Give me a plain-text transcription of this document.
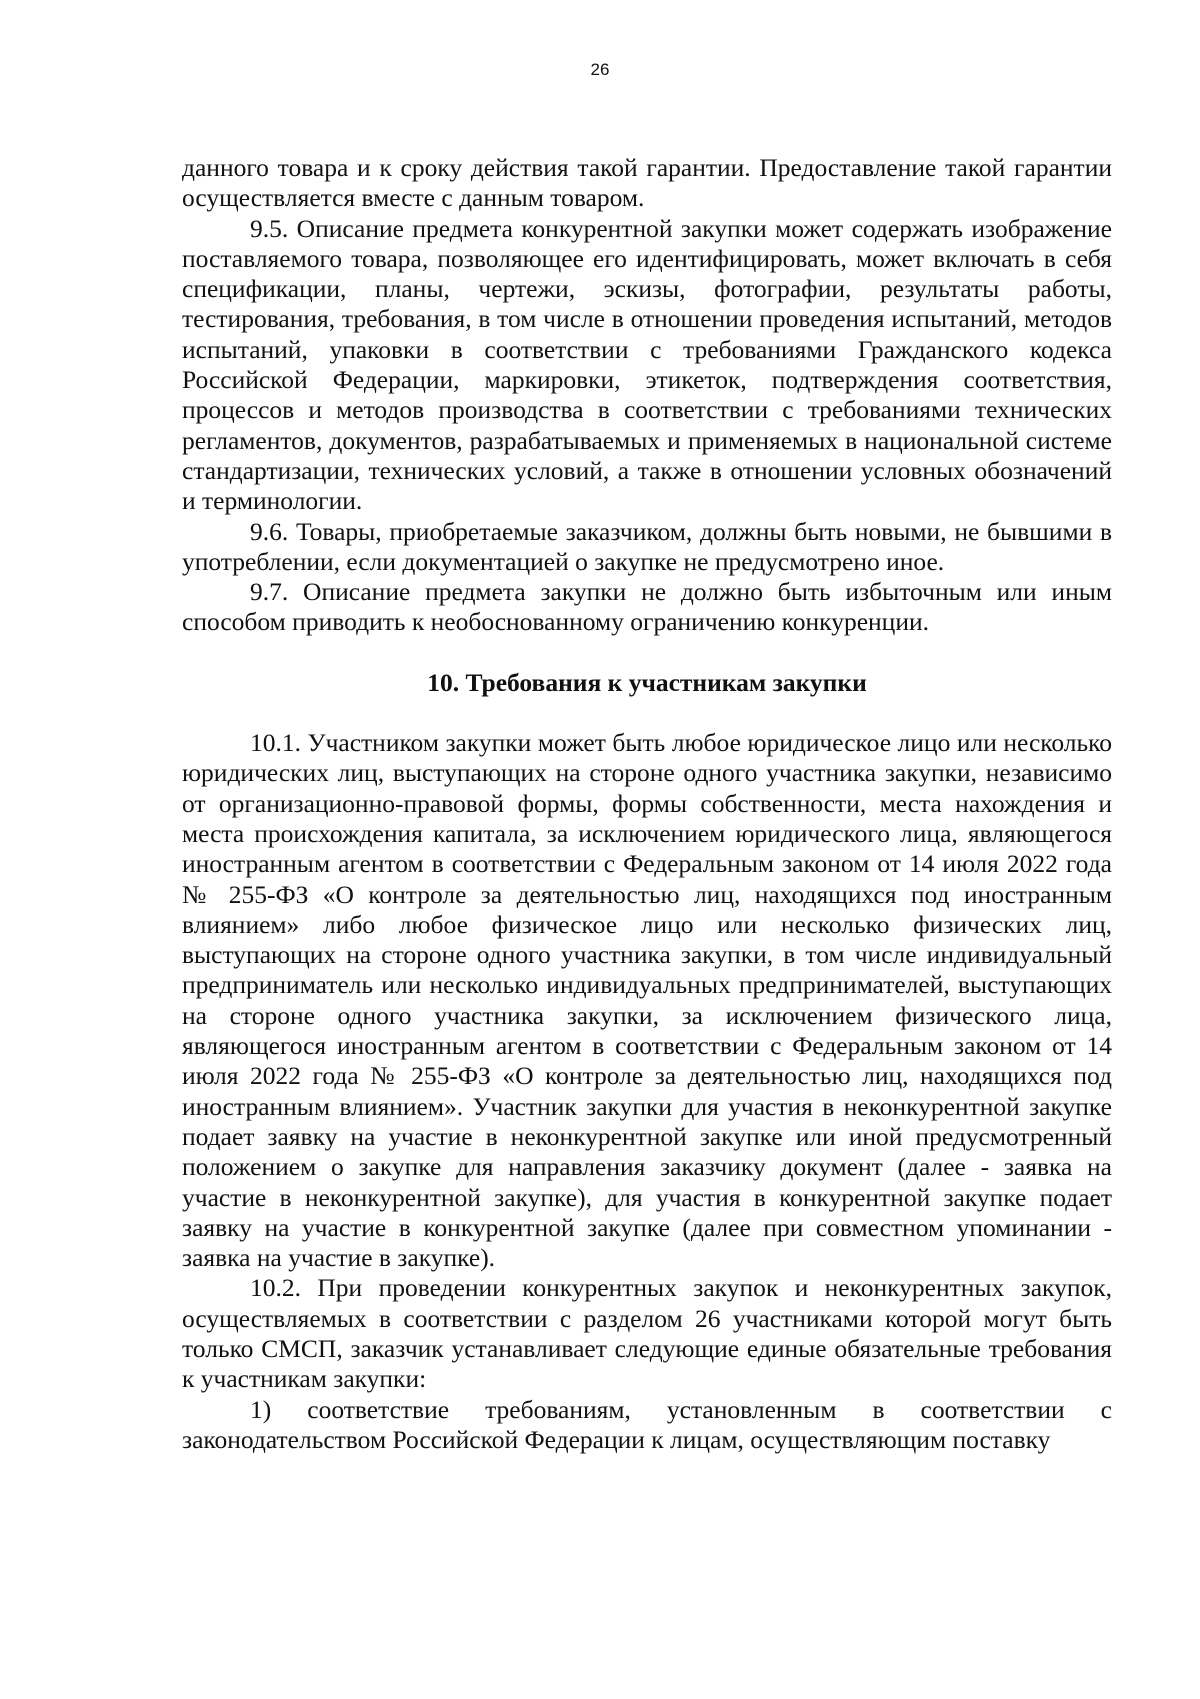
26

данного товара и к сроку действия такой гарантии. Предоставление такой гарантии осуществляется вместе с данным товаром.

9.5. Описание предмета конкурентной закупки может содержать изображение поставляемого товара, позволяющее его идентифицировать, может включать в себя спецификации, планы, чертежи, эскизы, фотографии, результаты работы, тестирования, требования, в том числе в отношении проведения испытаний, методов испытаний, упаковки в соответствии с требованиями Гражданского кодекса Российской Федерации, маркировки, этикеток, подтверждения соответствия, процессов и методов производства в соответствии с требованиями технических регламентов, документов, разрабатываемых и применяемых в национальной системе стандартизации, технических условий, а также в отношении условных обозначений и терминологии.

9.6. Товары, приобретаемые заказчиком, должны быть новыми, не бывшими в употреблении, если документацией о закупке не предусмотрено иное.

9.7. Описание предмета закупки не должно быть избыточным или иным способом приводить к необоснованному ограничению конкуренции.

10. Требования к участникам закупки

10.1. Участником закупки может быть любое юридическое лицо или несколько юридических лиц, выступающих на стороне одного участника закупки, независимо от организационно-правовой формы, формы собственности, места нахождения и места происхождения капитала, за исключением юридического лица, являющегося иностранным агентом в соответствии с Федеральным законом от 14 июля 2022 года № 255-ФЗ «О контроле за деятельностью лиц, находящихся под иностранным влиянием» либо любое физическое лицо или несколько физических лиц, выступающих на стороне одного участника закупки, в том числе индивидуальный предприниматель или несколько индивидуальных предпринимателей, выступающих на стороне одного участника закупки, за исключением физического лица, являющегося иностранным агентом в соответствии с Федеральным законом от 14 июля 2022 года № 255-ФЗ «О контроле за деятельностью лиц, находящихся под иностранным влиянием». Участник закупки для участия в неконкурентной закупке подает заявку на участие в неконкурентной закупке или иной предусмотренный положением о закупке для направления заказчику документ (далее - заявка на участие в неконкурентной закупке), для участия в конкурентной закупке подает заявку на участие в конкурентной закупке (далее при совместном упоминании - заявка на участие в закупке).

10.2. При проведении конкурентных закупок и неконкурентных закупок, осуществляемых в соответствии с разделом 26 участниками которой могут быть только СМСП, заказчик устанавливает следующие единые обязательные требования к участникам закупки:

1) соответствие требованиям, установленным в соответствии с законодательством Российской Федерации к лицам, осуществляющим поставку
